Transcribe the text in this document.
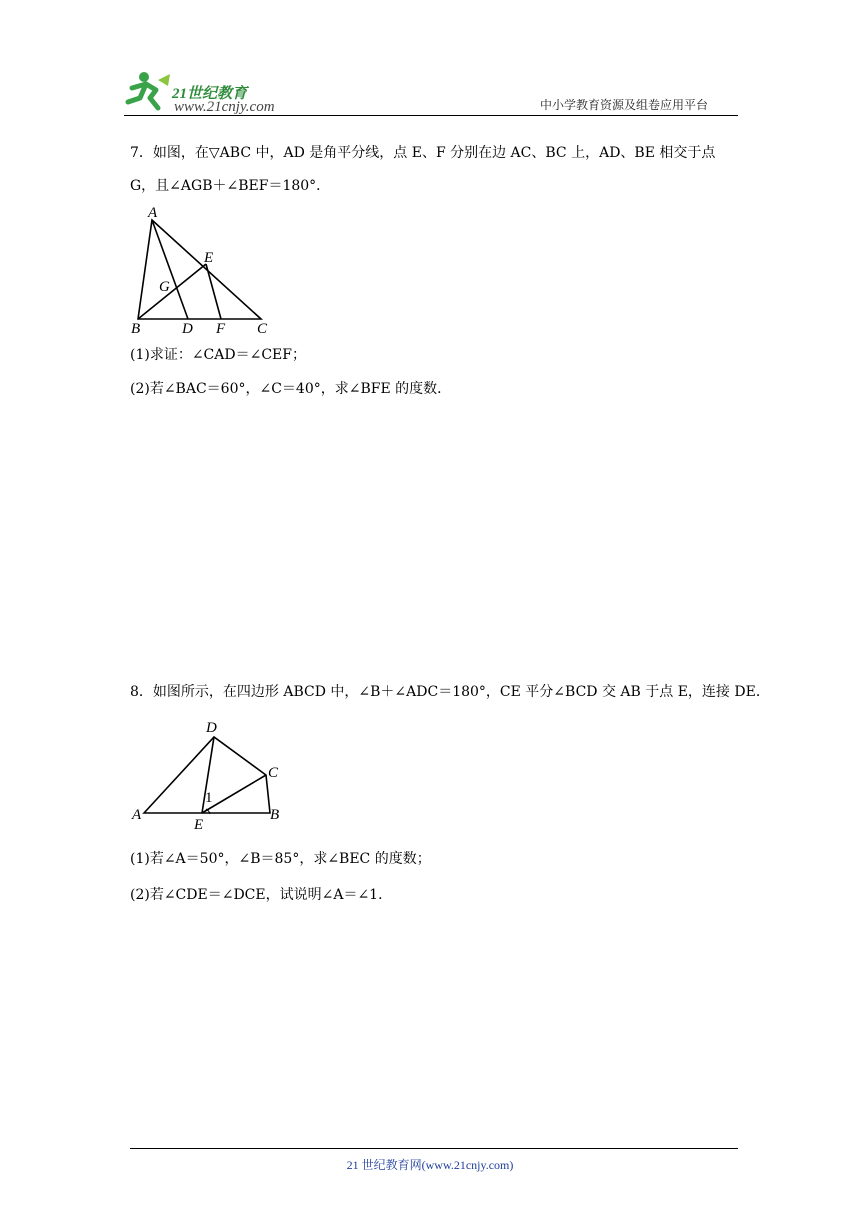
21世纪教育
www.21cnjy.com	中小学教育资源及组卷应用平台
7．如图，在▽ABC 中，AD 是角平分线，点 E、F 分别在边 AC、BC 上，AD、BE 相交于点
G，且∠AGB＋∠BEF＝180°．
A
B	D F C
E
G
(1)求证：∠CAD＝∠CEF；
(2)若∠BAC＝60°，∠C＝40°，求∠BFE 的度数．
8．如图所示，在四边形 ABCD 中，∠B＋∠ADC＝180°，CE 平分∠BCD 交 AB 于点 E，连接 DE．
A
D
C
B
E
1
(1)若∠A＝50°，∠B＝85°，求∠BEC 的度数；
(2)若∠CDE＝∠DCE，试说明∠A＝∠1．
21 世纪教育网(www.21cnjy.com)
